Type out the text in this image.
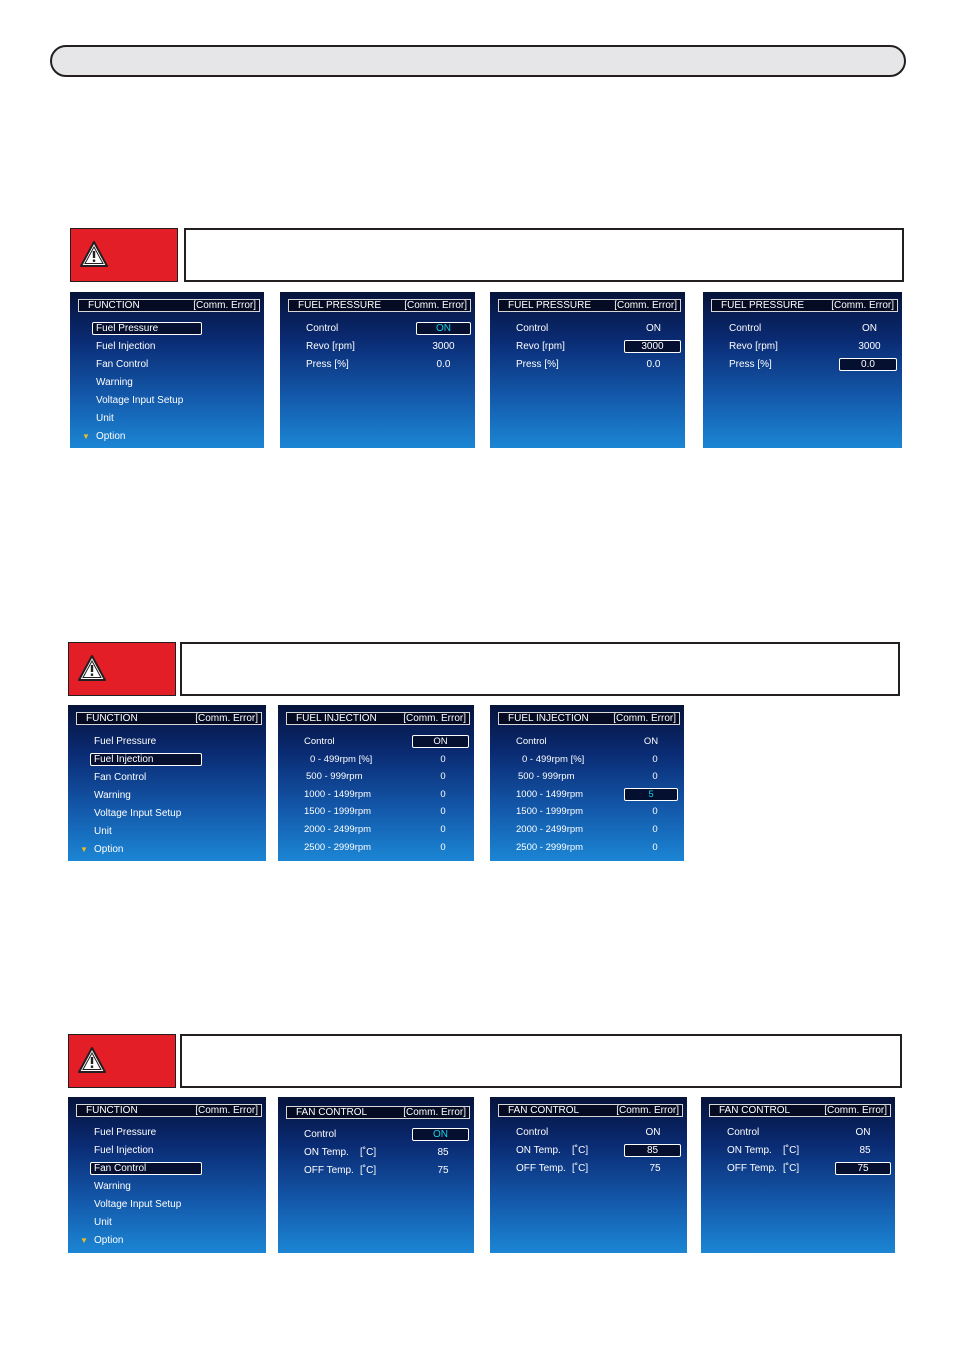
FUNCTION	[Comm. Error]
Fuel Pressure
Fuel Injection
Fan Control
Warning
Voltage Input Setup
Unit
▼ Option
FUEL PRESSURE [Comm. Error]
Control	ON
Revo [rpm]	3000
Press [%]	0.0
FUEL PRESSURE [Comm. Error]
Control	ON
Revo [rpm]	3000
Press [%]	0.0
FUEL PRESSURE	[Comm. Error]
Control	ON
Revo [rpm]	3000
Press [%]	0.0
FUNCTION	[Comm. Error]
Fuel Pressure
Fuel Injection
Fan Control
Warning
Voltage Input Setup
Unit
▼ Option
FUEL INJECTION	[Comm. Error]
Control	ON
0 - 499rpm [%]	0
500 - 999rpm	0
1000 - 1499rpm	0
1500 - 1999rpm	0
2000 - 2499rpm	0
2500 - 2999rpm	0
FUEL INJECTION [Comm. Error]
Control	ON
0 - 499rpm [%]	0
500 - 999rpm	0
1000 - 1499rpm	5
1500 - 1999rpm	0
2000 - 2499rpm	0
2500 - 2999rpm	0
FUNCTION	[Comm. Error]
Fuel Pressure
Fuel Injection
Fan Control
Warning
Voltage Input Setup
Unit
▼ Option
FAN CONTROL	[Comm. Error]
Control	ON
ON Temp. [˚C]	85
OFF Temp. [˚C]	75
FAN CONTROL	[Comm. Error]
Control	ON
ON Temp. [˚C]	85
OFF Temp. [˚C]	75
FAN CONTROL	[Comm. Error]
Control	ON
ON Temp. [˚C]	85
OFF Temp. [˚C]	75
